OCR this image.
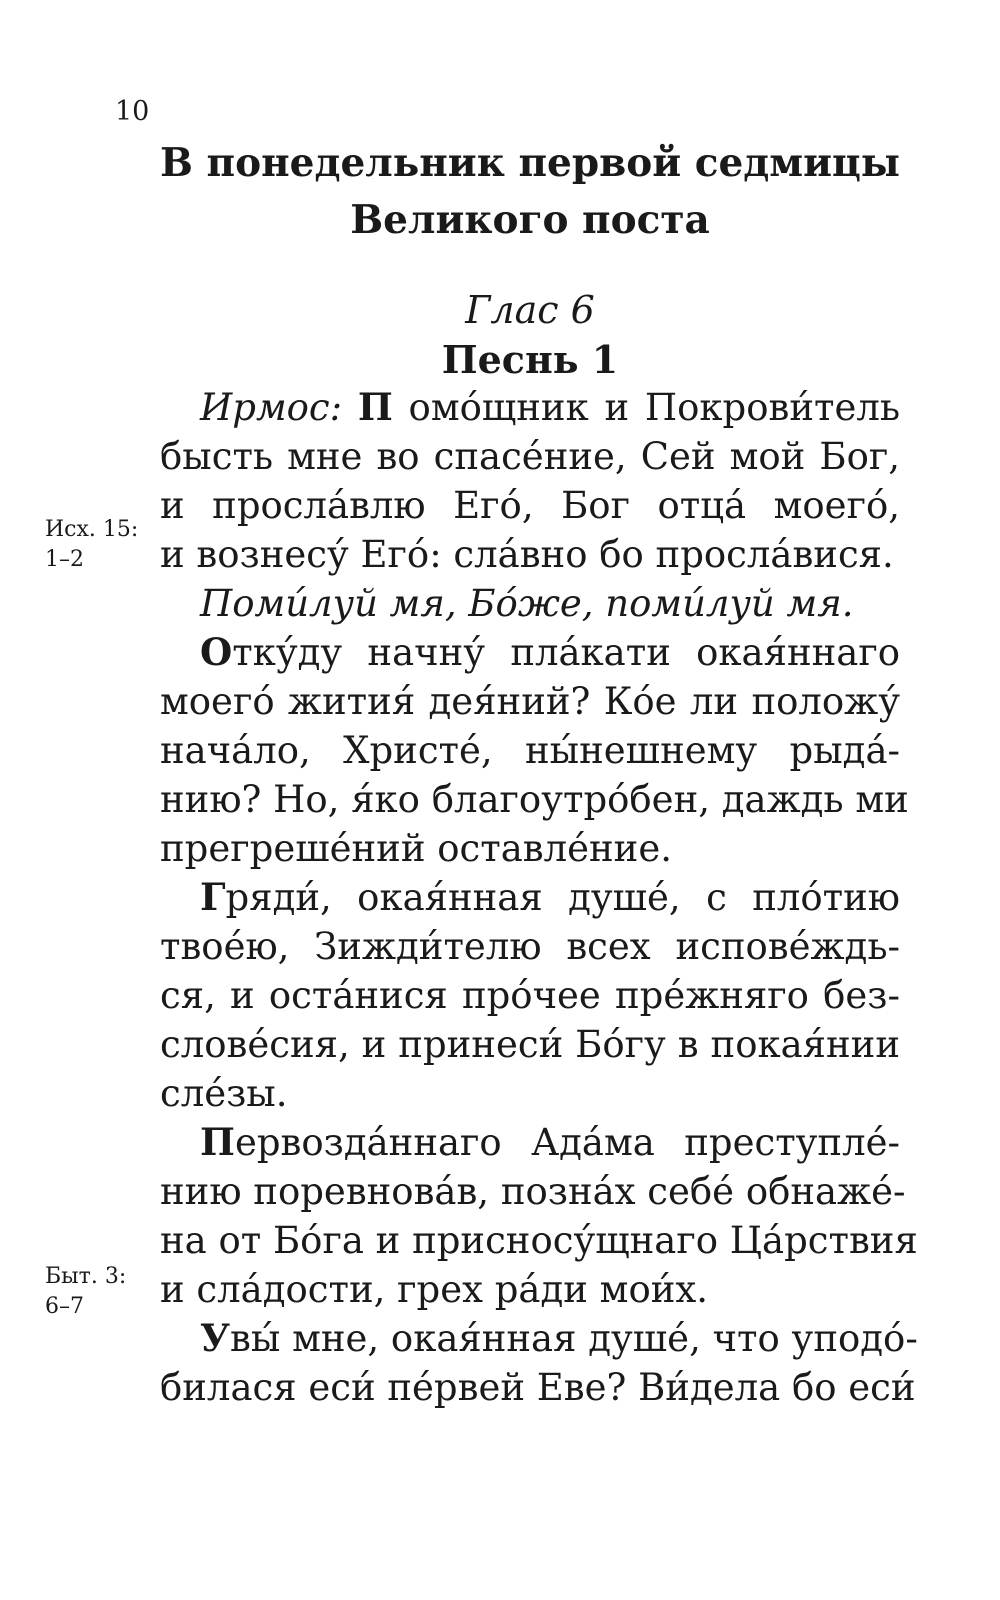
10
В понедельник первой седмицы
Великого поста
Глас 6
Песнь 1
Исх. 15:
1–2
Быт. 3:
6–7
Ирмос: П омо́щник и Покрови́тель
бысть мне во спасе́ние, Сей мой Бог,
и просла́влю Его́, Бог отца́ моего́,
и вознесу́ Его́: сла́вно бо просла́вися.
Поми́луй мя, Бо́же, поми́луй мя.
Отку́ду начну́ пла́кати окая́ннаго
моего́ жития́ дея́ний? Ко́е ли положу́
нача́ло, Христе́, ны́нешнему рыда́-
нию? Но, я́ко благоутро́бен, даждь ми
прегреше́ний оставле́ние.
Гряди́, окая́нная душе́, с пло́тию
твое́ю, Зижди́телю всех испове́ждь-
ся, и оста́нися про́чее пре́жняго без-
слове́сия, и принеси́ Бо́гу в покая́нии
сле́зы.
Первозда́ннаго Ада́ма преступле́-
нию поревнова́в, позна́х себе́ обнаже́-
на от Бо́га и присносу́щнаго Ца́рствия
и сла́дости, грех ра́ди мои́х.
Увы́ мне, окая́нная душе́, что уподо́-
билася еси́ пе́рвей Еве? Ви́дела бо еси́
